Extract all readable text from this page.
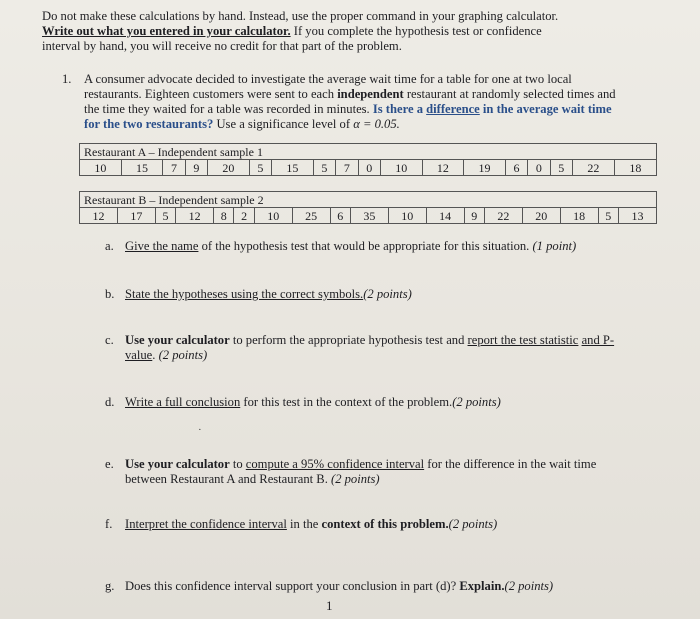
Do not make these calculations by hand. Instead, use the proper command in your graphing calculator.
Write out what you entered in your calculator. If you complete the hypothesis test or confidence
interval by hand, you will receive no credit for that part of the problem.
1. A consumer advocate decided to investigate the average wait time for a table for one at two local restaurants. Eighteen customers were sent to each independent restaurant at randomly selected times and the time they waited for a table was recorded in minutes. Is there a difference in the average wait time for the two restaurants? Use a significance level of α = 0.05.
Restaurant A – Independent sample 1
10	15	7	9	20	5	15	5	7	0	10	12	19	6	0	5	22	18
Restaurant B – Independent sample 2
12	17	5	12	8	2	10	25	6	35	10	14	9	22	20	18	5	13
a. Give the name of the hypothesis test that would be appropriate for this situation. (1 point)
b. State the hypotheses using the correct symbols.(2 points)
c. Use your calculator to perform the appropriate hypothesis test and report the test statistic and P-value. (2 points)
d. Write a full conclusion for this test in the context of the problem.(2 points)
·
e. Use your calculator to compute a 95% confidence interval for the difference in the wait time between Restaurant A and Restaurant B. (2 points)
f. Interpret the confidence interval in the context of this problem.(2 points)
g. Does this confidence interval support your conclusion in part (d)? Explain.(2 points)
1
